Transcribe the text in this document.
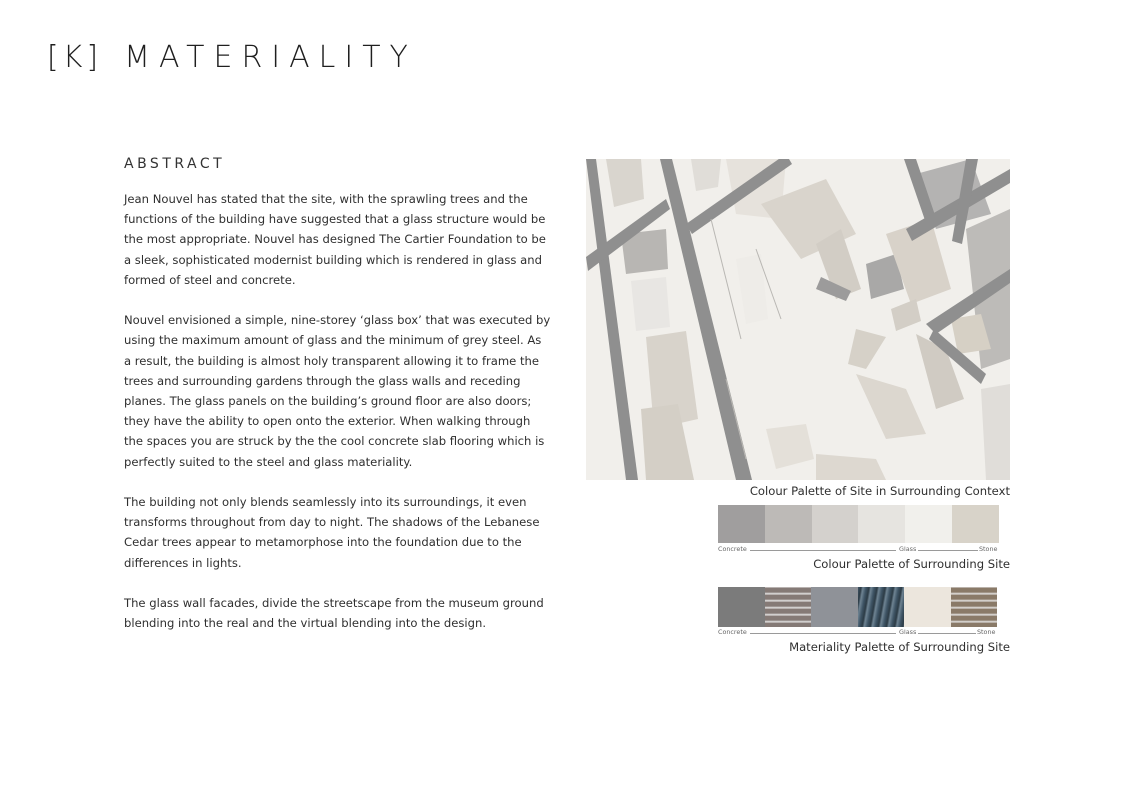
[K] MATERIALITY
ABSTRACT

Jean Nouvel has stated that the site, with the sprawling trees and the functions of the building have suggested that a glass structure would be the most appropriate. Nouvel has designed The Cartier Foundation to be a sleek, sophisticated modernist building which is rendered in glass and formed of steel and concrete.

Nouvel envisioned a simple, nine-storey ‘glass box’ that was executed by using the maximum amount of glass and the minimum of grey steel. As a result, the building is almost holy transparent allowing it to frame the trees and surrounding gardens through the glass walls and receding planes. The glass panels on the building’s ground floor are also doors; they have the ability to open onto the exterior. When walking through the spaces you are struck by the the cool concrete slab flooring which is perfectly suited to the steel and glass materiality.

The building not only blends seamlessly into its surroundings, it even transforms throughout from day to night. The shadows of the Lebanese Cedar trees appear to metamorphose into the foundation due to the differences in lights.

The glass wall facades, divide the streetscape from the museum ground blending into the real and the virtual blending into the design.

Colour Palette of Site in Surrounding Context
Concrete	Glass	Stone
Colour Palette of Surrounding Site
Concrete	Glass	Stone
Materiality Palette of Surrounding Site
